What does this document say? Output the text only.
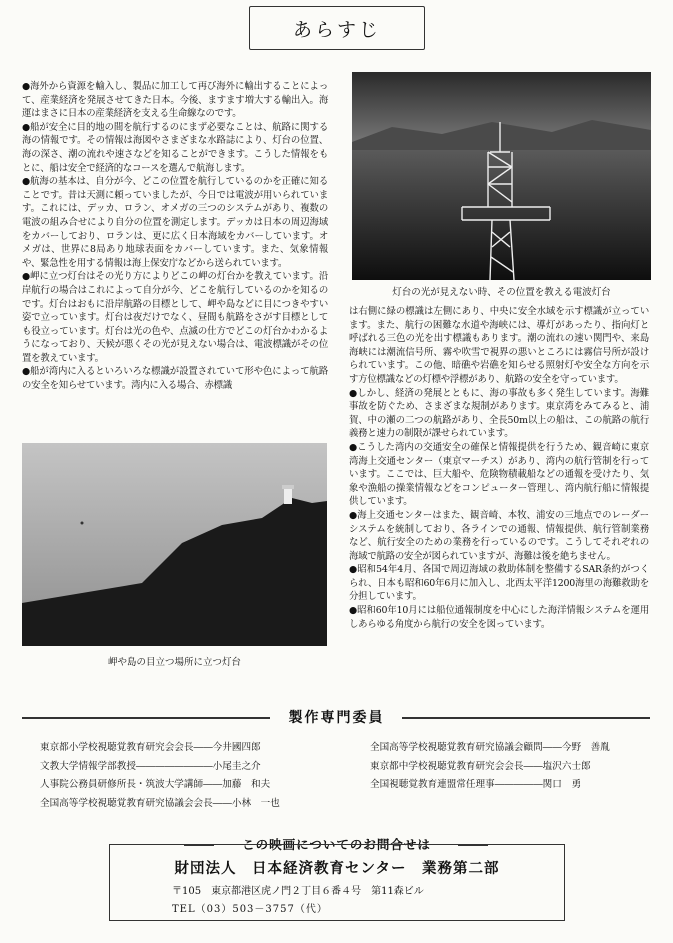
あらすじ
灯台の光が見えない時、その位置を教える電波灯台

●海外から資源を輸入し、製品に加工して再び海外に輸出することによって、産業経済を発展させてきた日本。今後、ますます増大する輸出入。海運はまさに日本の産業経済を支える生命線なのです。

●船が安全に目的地の間を航行するのにまず必要なことは、航路に関する海の情報です。その情報は海図やさまざまな水路誌により、灯台の位置、海の深さ、潮の流れや速さなどを知ることができます。こうした情報をもとに、船は安全で経済的なコースを選んで航海します。

●航海の基本は、自分が今、どこの位置を航行しているのかを正確に知ることです。昔は天測に頼っていましたが、今日では電波が用いられています。これには、デッカ、ロラン、オメガの三つのシステムがあり、複数の電波の組み合せにより自分の位置を測定します。デッカは日本の周辺海域をカバーしており、ロランは、更に広く日本海域をカバーしています。オメガは、世界に8局あり地球表面をカバーしています。また、気象情報や、緊急性を用する情報は海上保安庁などから送られています。

●岬に立つ灯台はその光り方によりどこの岬の灯台かを教えています。沿岸航行の場合はこれによって自分が今、どこを航行しているのかを知るのです。灯台はおもに沿岸航路の目標として、岬や島などに目につきやすい姿で立っています。灯台は夜だけでなく、昼間も航路をさがす目標としても役立っています。灯台は光の色や、点滅の仕方でどこの灯台かわかるようになっており、天候が悪くその光が見えない場合は、電波標識がその位置を教えています。

●船が湾内に入るといろいろな標識が設置されていて形や色によって航路の安全を知らせています。湾内に入る場合、赤標識

は右側に緑の標識は左側にあり、中央に安全水域を示す標識が立っています。また、航行の困難な水道や海峡には、導灯があったり、指向灯と呼ばれる三色の光を出す標識もあります。潮の流れの速い関門や、来島海峡には潮流信号所、霧や吹雪で視界の悪いところには霧信号所が設けられています。この他、暗礁や岩礁を知らせる照射灯や安全な方向を示す方位標識などの灯標や浮標があり、航路の安全を守っています。

●しかし、経済の発展とともに、海の事故も多く発生しています。海難事故を防ぐため、さまざまな規制があります。東京湾をみてみると、浦賀、中の瀬の二つの航路があり、全長50m以上の船は、この航路の航行義務と速力の制限が課せられています。

●こうした湾内の交通安全の確保と情報提供を行うため、観音崎に東京湾海上交通センター（東京マーチス）があり、湾内の航行管制を行っています。ここでは、巨大船や、危険物積載船などの通報を受けたり、気象や漁船の操業情報などをコンピューター管理し、湾内航行船に情報提供しています。

●海上交通センターはまた、観音崎、本牧、浦安の三地点でのレーダーシステムを統制しており、各ラインでの通報、情報提供、航行管制業務など、航行安全のための業務を行っているのです。こうしてそれぞれの海域で航路の安全が図られていますが、海難は後を絶ちません。

●昭和54年4月、各国で周辺海域の救助体制を整備するSAR条約がつくられ、日本も昭和60年6月に加入し、北西太平洋1200海里の海難救助を分担しています。

●昭和60年10月には船位通報制度を中心にした海洋情報システムを運用しあらゆる角度から航行の安全を図っています。

岬や島の目立つ場所に立つ灯台
製作専門委員
東京都小学校視聴覚教育研究会会長――今井國四郎
文教大学情報学部教授――――――――小尾圭之介
人事院公務員研修所長・筑波大学講師――加藤　和夫
全国高等学校視聴覚教育研究協議会会長――小林　一也
全国高等学校視聴覚教育研究協議会顧問――今野　善胤
東京都中学校視聴覚教育研究会会長――塩沢六士郎
全国視聴覚教育連盟常任理事―――――関口　勇
この映画についてのお問合せは
財団法人　日本経済教育センター　業務第二部
〒105　東京都港区虎ノ門２丁目６番４号　第11森ビル
TEL（03）503－3757（代）
